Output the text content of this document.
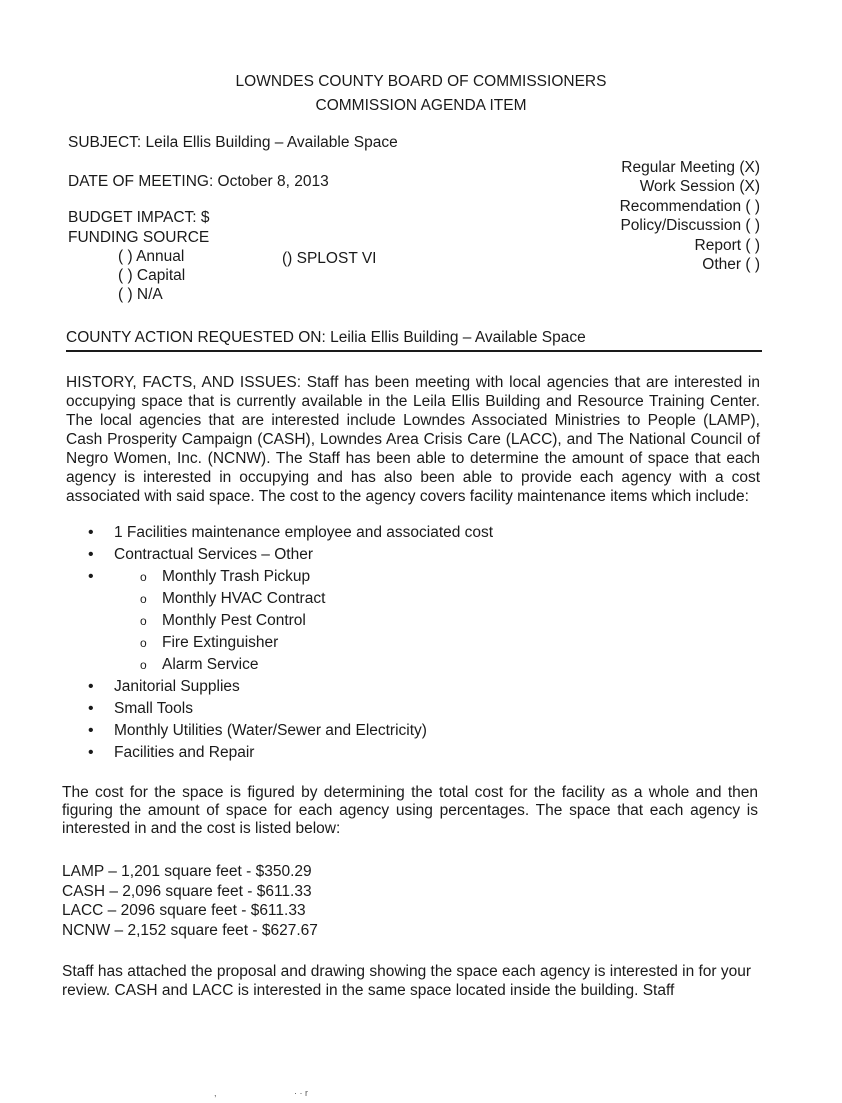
LOWNDES COUNTY BOARD OF COMMISSIONERS
COMMISSION AGENDA ITEM
SUBJECT: Leila Ellis Building – Available Space
DATE OF MEETING: October 8, 2013
BUDGET IMPACT: $
FUNDING SOURCE
( ) Annual
( ) Capital
( ) N/A
() SPLOST VI
Regular Meeting (X)
Work Session (X)
Recommendation ( )
Policy/Discussion ( )
Report ( )
Other ( )
COUNTY ACTION REQUESTED ON: Leilia Ellis Building – Available Space

HISTORY, FACTS, AND ISSUES: Staff has been meeting with local agencies that are interested in occupying space that is currently available in the Leila Ellis Building and Resource Training Center. The local agencies that are interested include Lowndes Associated Ministries to People (LAMP), Cash Prosperity Campaign (CASH), Lowndes Area Crisis Care (LACC), and The National Council of Negro Women, Inc. (NCNW). The Staff has been able to determine the amount of space that each agency is interested in occupying and has also been able to provide each agency with a cost associated with said space. The cost to the agency covers facility maintenance items which include:

• 1 Facilities maintenance employee and associated cost
• Contractual Services – Other
o • Monthly Trash Pickup
o Monthly HVAC Contract
o Monthly Pest Control
o Fire Extinguisher
o Alarm Service
• Janitorial Supplies
• Small Tools
• Monthly Utilities (Water/Sewer and Electricity)
• Facilities and Repair

The cost for the space is figured by determining the total cost for the facility as a whole and then figuring the amount of space for each agency using percentages. The space that each agency is interested in and the cost is listed below:

LAMP – 1,201 square feet - $350.29
CASH – 2,096 square feet - $611.33
LACC – 2096 square feet - $611.33
NCNW – 2,152 square feet - $627.67

Staff has attached the proposal and drawing showing the space each agency is interested in for your review. CASH and LACC is interested in the same space located inside the building. Staff

,	· · r
